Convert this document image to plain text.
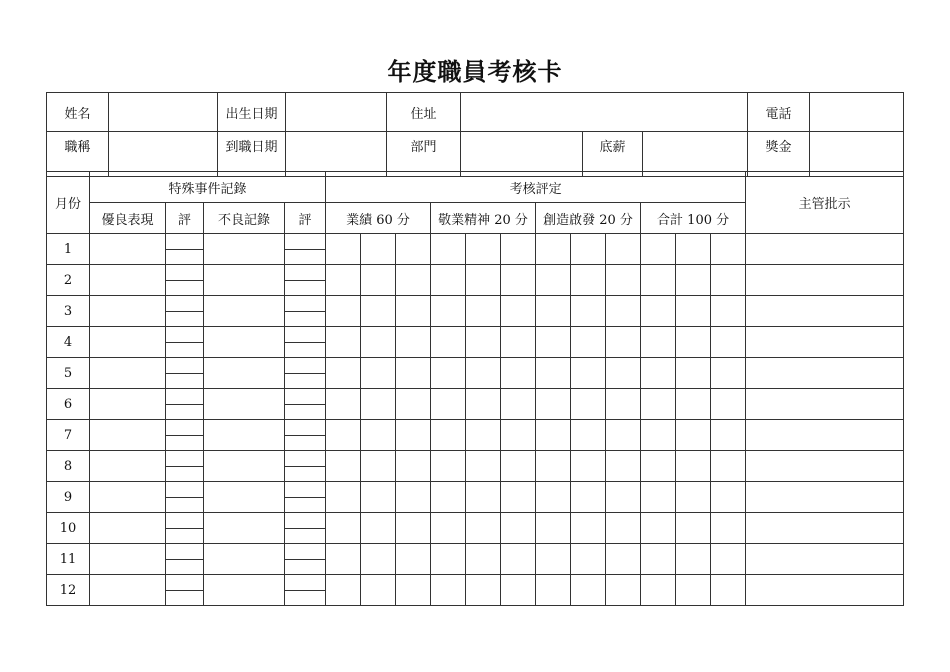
年度職員考核卡
姓名		出生日期		住址				電話	
職稱		到職日期		部門		底薪		獎金	
月份	特殊事件記錄				考核評定												主管批示
	優良表現	評	不良記錄	評	業績 60 分			敬業精神 20 分			創造啟發 20 分			合計 100 分			
1																	
2																	
3																	
4																	
5																	
6																	
7																	
8																	
9																	
10																	
11																	
12																	
